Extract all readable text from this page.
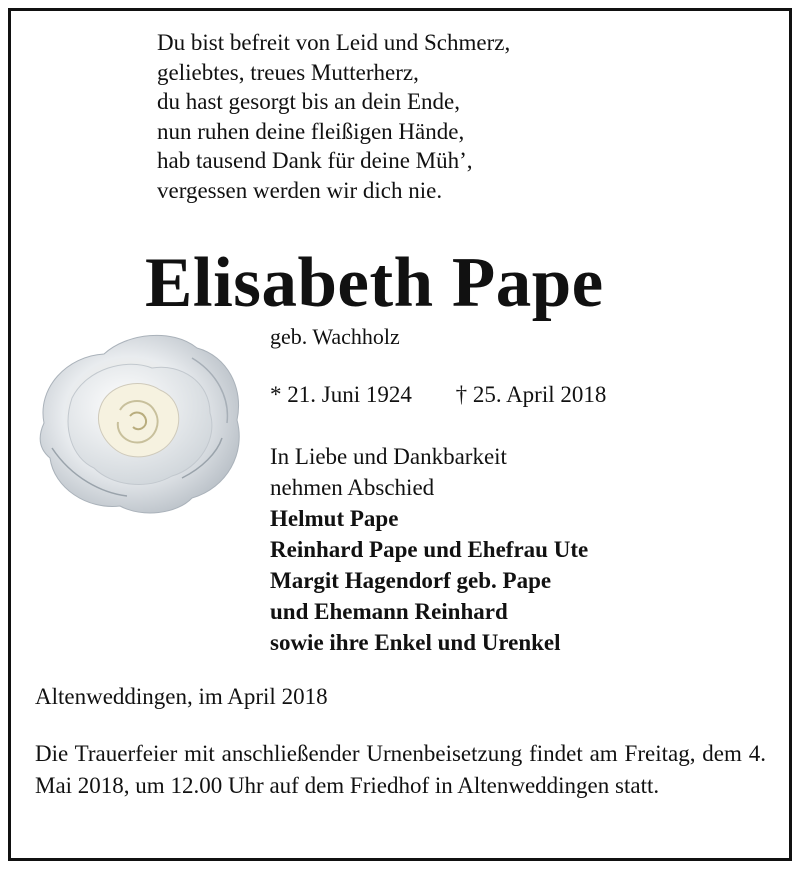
Du bist befreit von Leid und Schmerz,
geliebtes, treues Mutterherz,
du hast gesorgt bis an dein Ende,
nun ruhen deine fleißigen Hände,
hab tausend Dank für deine Müh’,
vergessen werden wir dich nie.
Elisabeth Pape
geb. Wachholz
* 21. Juni 1924 † 25. April 2018
In Liebe und Dankbarkeit
nehmen Abschied
Helmut Pape
Reinhard Pape und Ehefrau Ute
Margit Hagendorf geb. Pape
und Ehemann Reinhard
sowie ihre Enkel und Urenkel
Altenweddingen, im April 2018
Die Trauerfeier mit anschließender Urnenbeisetzung findet am Freitag, dem 4. Mai 2018, um 12.00 Uhr auf dem Friedhof in Altenweddingen statt.
